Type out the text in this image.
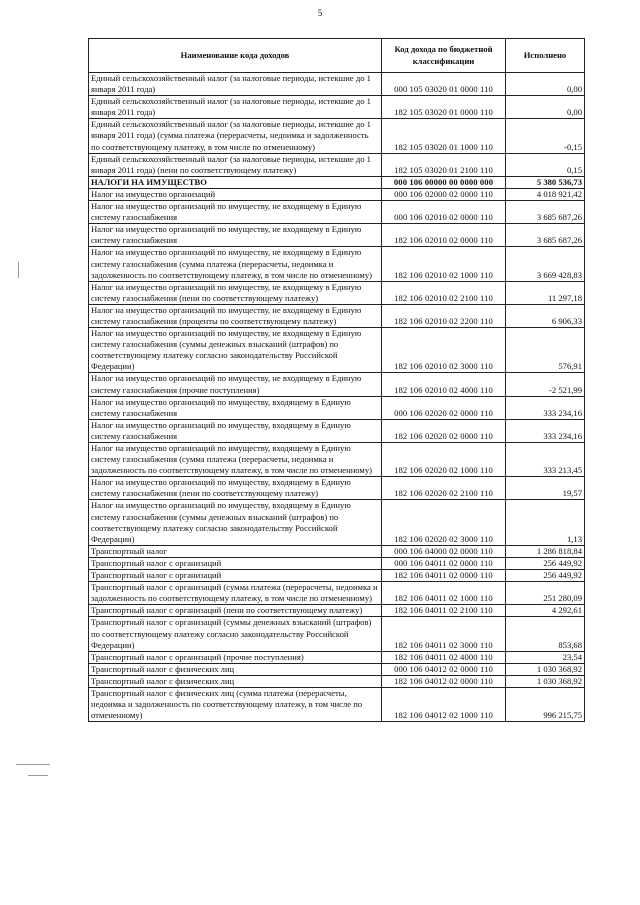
5
Наименование кода доходов	Код дохода по бюджетной классификации	Исполнено
Единый сельскохозяйственный налог (за налоговые периоды, истекшие до 1 января 2011 года)	000 105 03020 01 0000 110	0,00
Единый сельскохозяйственный налог (за налоговые периоды, истекшие до 1 января 2011 года)	182 105 03020 01 0000 110	0,00
Единый сельскохозяйственный налог (за налоговые периоды, истекшие до 1 января 2011 года) (сумма платежа (перерасчеты, недоимка и задолженность по соответствующему платежу, в том числе по отмененному)	182 105 03020 01 1000 110	-0,15
Единый сельскохозяйственный налог (за налоговые периоды, истекшие до 1 января 2011 года) (пени по соответствующему платежу)	182 105 03020 01 2100 110	0,15
НАЛОГИ НА ИМУЩЕСТВО	000 106 00000 00 0000 000	5 380 536,73
Налог на имущество организаций	000 106 02000 02 0000 110	4 018 921,42
Налог на имущество организаций по имуществу, не входящему в Единую систему газоснабжения	000 106 02010 02 0000 110	3 685 687,26
Налог на имущество организаций по имуществу, не входящему в Единую систему газоснабжения	182 106 02010 02 0000 110	3 685 687,26
Налог на имущество организаций по имуществу, не входящему в Единую систему газоснабжения (сумма платежа (перерасчеты, недоимка и задолженность по соответствующему платежу, в том числе по отмененному)	182 106 02010 02 1000 110	3 669 428,83
Налог на имущество организаций по имуществу, не входящему в Единую систему газоснабжения (пени по соответствующему платежу)	182 106 02010 02 2100 110	11 297,18
Налог на имущество организаций по имуществу, не входящему в Единую систему газоснабжения (проценты по соответствующему платежу)	182 106 02010 02 2200 110	6 906,33
Налог на имущество организаций по имуществу, не входящему в Единую систему газоснабжения (суммы денежных взысканий (штрафов) по соответствующему платежу согласно законодательству Российской Федерации)	182 106 02010 02 3000 110	576,91
Налог на имущество организаций по имуществу, не входящему в Единую систему газоснабжения (прочие поступления)	182 106 02010 02 4000 110	-2 521,99
Налог на имущество организаций по имуществу, входящему в Единую систему газоснабжения	000 106 02020 02 0000 110	333 234,16
Налог на имущество организаций по имуществу, входящему в Единую систему газоснабжения	182 106 02020 02 0000 110	333 234,16
Налог на имущество организаций по имуществу, входящему в Единую систему газоснабжения (сумма платежа (перерасчеты, недоимка и задолженность по соответствующему платежу, в том числе по отмененному)	182 106 02020 02 1000 110	333 213,45
Налог на имущество организаций по имуществу, входящему в Единую систему газоснабжения (пени по соответствующему платежу)	182 106 02020 02 2100 110	19,57
Налог на имущество организаций по имуществу, входящему в Единую систему газоснабжения (суммы денежных взысканий (штрафов) по соответствующему платежу согласно законодательству Российской Федерации)	182 106 02020 02 3000 110	1,13
Транспортный налог	000 106 04000 02 0000 110	1 286 818,84
Транспортный налог с организаций	000 106 04011 02 0000 110	256 449,92
Транспортный налог с организаций	182 106 04011 02 0000 110	256 449,92
Транспортный налог с организаций (сумма платежа (перерасчеты, недоимка и задолженность по соответствующему платежу, в том числе по отмененному)	182 106 04011 02 1000 110	251 280,09
Транспортный налог с организаций (пени по соответствующему платежу)	182 106 04011 02 2100 110	4 292,61
Транспортный налог с организаций (суммы денежных взысканий (штрафов) по соответствующему платежу согласно законодательству Российской Федерации)	182 106 04011 02 3000 110	853,68
Транспортный налог с организаций (прочие поступления)	182 106 04011 02 4000 110	23,54
Транспортный налог с физических лиц	000 106 04012 02 0000 110	1 030 368,92
Транспортный налог с физических лиц	182 106 04012 02 0000 110	1 030 368,92
Транспортный налог с физических лиц (сумма платежа (перерасчеты, недоимка и задолженность по соответствующему платежу, в том числе по отмененному)	182 106 04012 02 1000 110	996 215,75
